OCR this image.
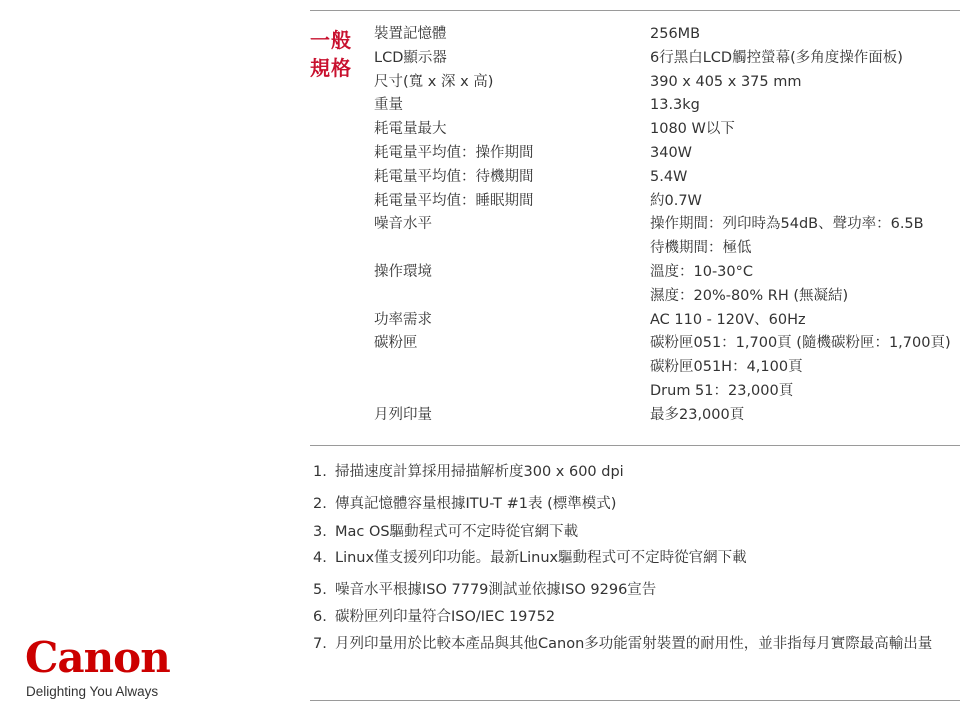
一般
規格
裝置記憶體	256MB
LCD顯示器	6行黑白LCD觸控螢幕(多角度操作面板)
尺寸(寬 x 深 x 高)	390 x 405 x 375 mm
重量	13.3kg
耗電量最大	1080 W以下
耗電量平均值：操作期間	340W
耗電量平均值：待機期間	5.4W
耗電量平均值：睡眠期間	約0.7W
噪音水平	操作期間：列印時為54dB、聲功率：6.5B
待機期間：極低
操作環境	溫度：10-30°C
濕度：20%-80% RH (無凝結)
功率需求	AC 110 - 120V、60Hz
碳粉匣	碳粉匣051：1,700頁 (隨機碳粉匣：1,700頁)
碳粉匣051H：4,100頁
Drum 51：23,000頁
月列印量	最多23,000頁
1. 掃描速度計算採用掃描解析度300 x 600 dpi
2. 傳真記憶體容量根據ITU-T #1表 (標準模式)
3. Mac OS驅動程式可不定時從官網下載
4. Linux僅支援列印功能。最新Linux驅動程式可不定時從官網下載
5. 噪音水平根據ISO 7779測試並依據ISO 9296宣告
6. 碳粉匣列印量符合ISO/IEC 19752
7. 月列印量用於比較本產品與其他Canon多功能雷射裝置的耐用性，並非指每月實際最高輸出量
Canon
Delighting You Always
